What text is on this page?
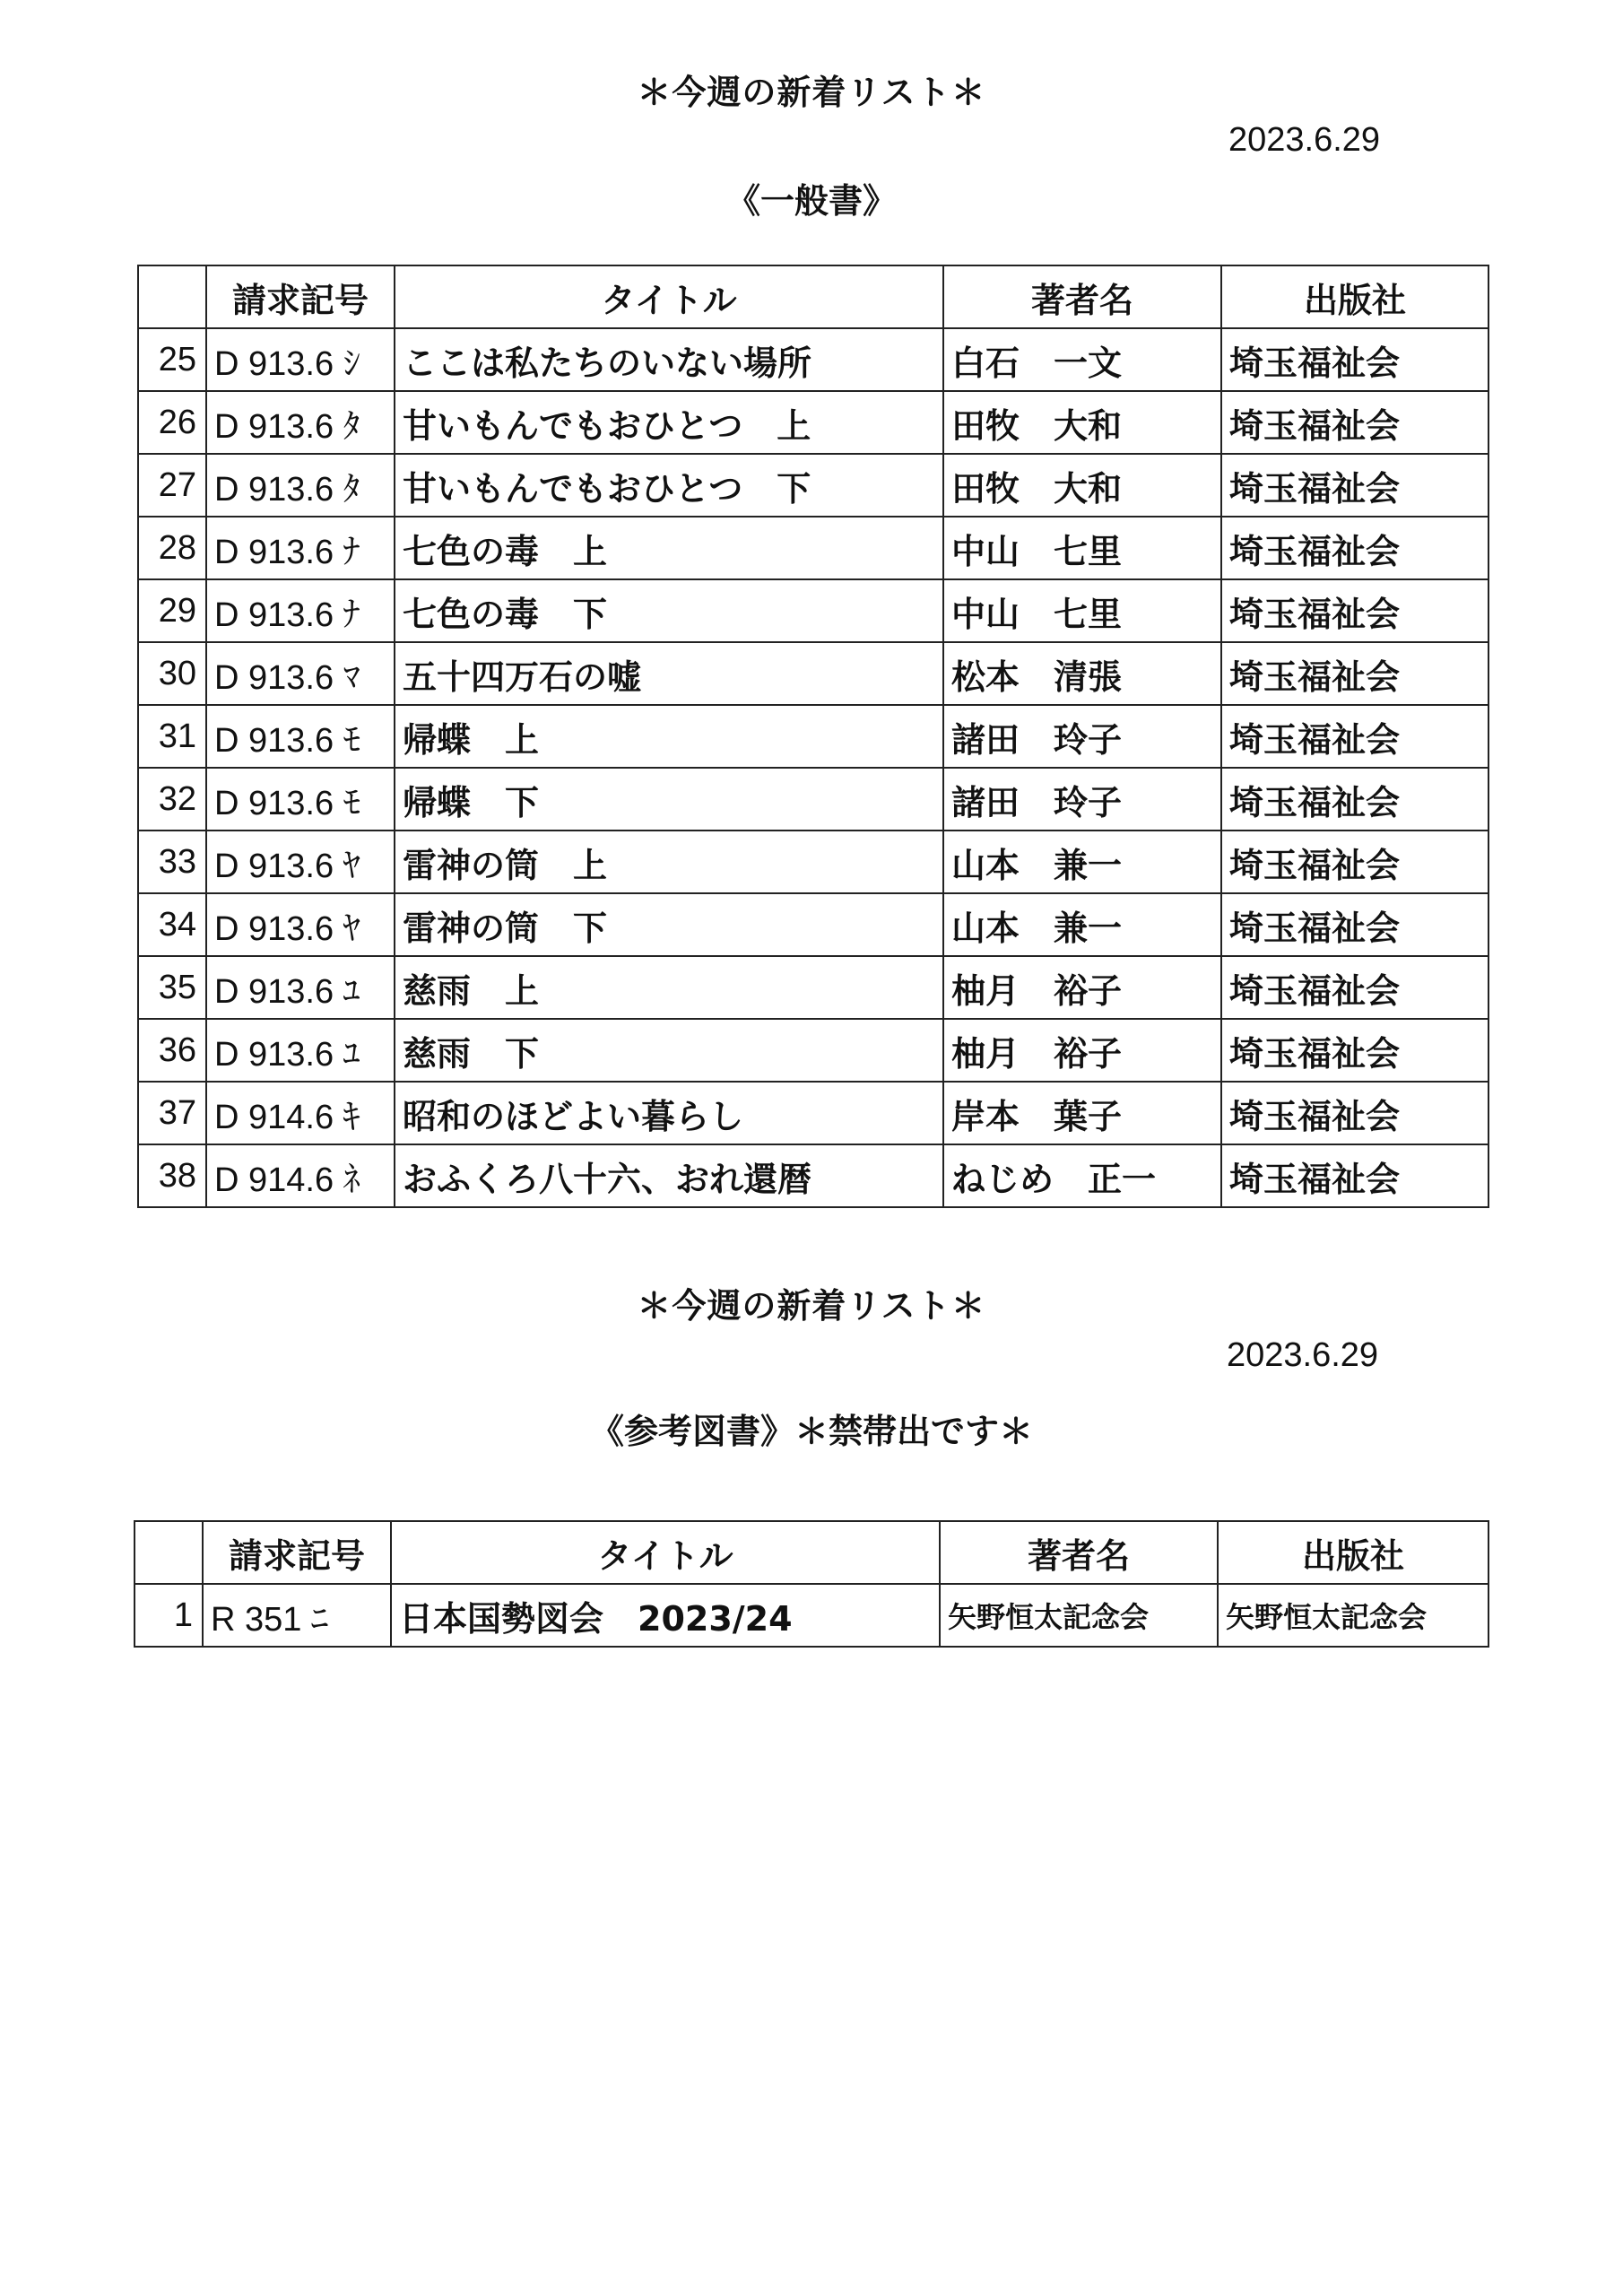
＊今週の新着リスト＊
2023.6.29
《一般書》
	請求記号	タイトル	著者名	出版社
25	D 913.6 ｼ	ここは私たちのいない場所	白石　一文	埼玉福祉会
26	D 913.6 ﾀ	甘いもんでもおひとつ　上	田牧　大和	埼玉福祉会
27	D 913.6 ﾀ	甘いもんでもおひとつ　下	田牧　大和	埼玉福祉会
28	D 913.6 ﾅ	七色の毒　上	中山　七里	埼玉福祉会
29	D 913.6 ﾅ	七色の毒　下	中山　七里	埼玉福祉会
30	D 913.6 ﾏ	五十四万石の嘘	松本　清張	埼玉福祉会
31	D 913.6 ﾓ	帰蝶　上	諸田　玲子	埼玉福祉会
32	D 913.6 ﾓ	帰蝶　下	諸田　玲子	埼玉福祉会
33	D 913.6 ﾔ	雷神の筒　上	山本　兼一	埼玉福祉会
34	D 913.6 ﾔ	雷神の筒　下	山本　兼一	埼玉福祉会
35	D 913.6 ﾕ	慈雨　上	柚月　裕子	埼玉福祉会
36	D 913.6 ﾕ	慈雨　下	柚月　裕子	埼玉福祉会
37	D 914.6 ｷ	昭和のほどよい暮らし	岸本　葉子	埼玉福祉会
38	D 914.6 ﾈ	おふくろ八十六、おれ還暦	ねじめ　正一	埼玉福祉会
＊今週の新着リスト＊
2023.6.29
《参考図書》＊禁帯出です＊
	請求記号	タイトル	著者名	出版社
1	R 351 ﾆ	日本国勢図会　2023/24	矢野恒太記念会	矢野恒太記念会
